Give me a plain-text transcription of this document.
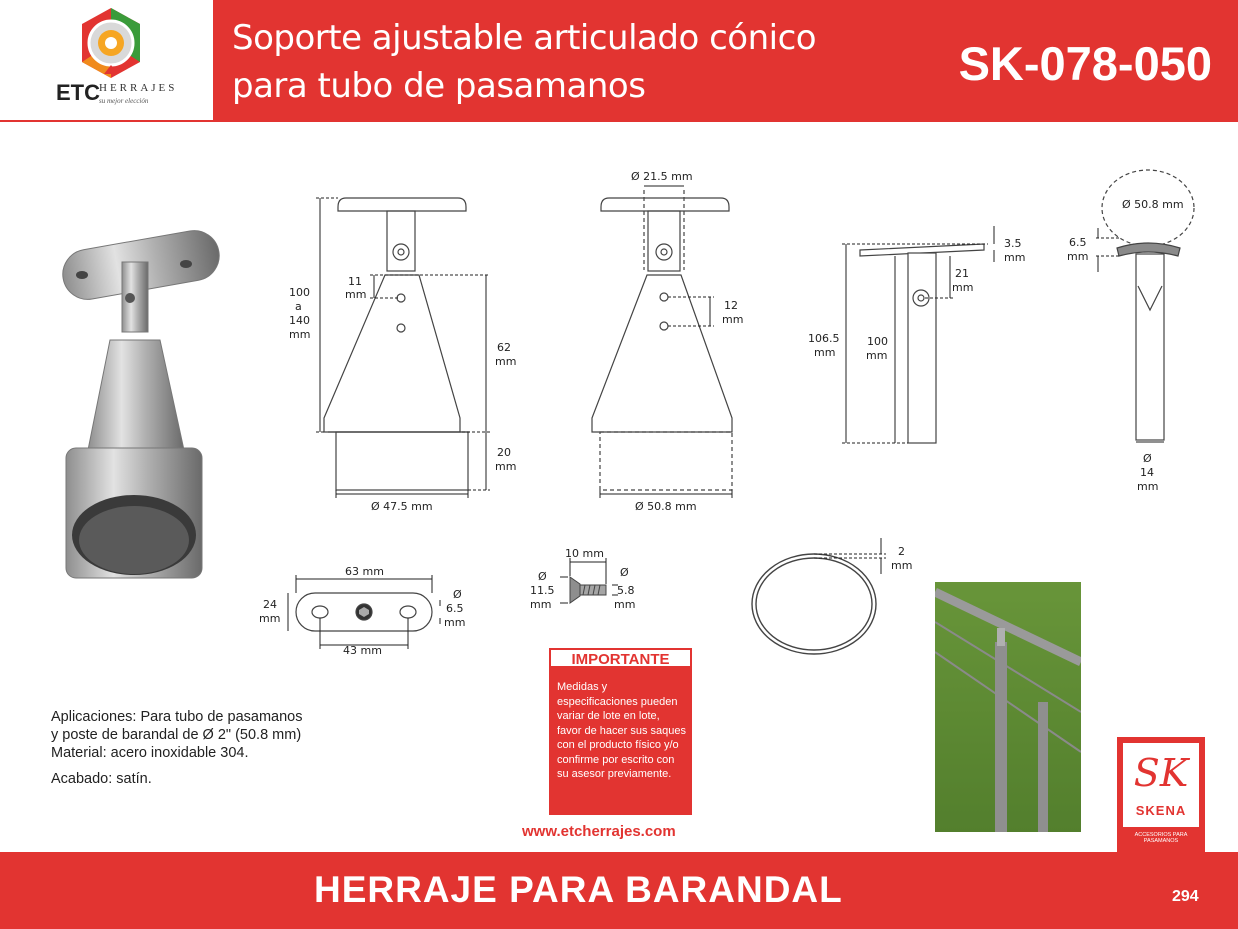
ETC HERRAJES
su mejor elección
Soporte ajustable articulado cónico
para tubo de pasamanos	SK-078-050
100
a
140
mm
11
mm
62
mm
20
mm
Ø 47.5 mm
Ø 21.5 mm
12
mm
Ø 50.8 mm
3.5
mm
21
mm
106.5
mm
100
mm
Ø 50.8 mm
6.5
mm
Ø
14
mm
63 mm
24
mm
Ø
6.5
mm
43 mm
10 mm
Ø
11.5
mm
Ø
5.8
mm
2
mm

Aplicaciones: Para tubo de pasamanos

y poste de barandal de Ø 2" (50.8 mm)

Material: acero inoxidable 304.

Acabado: satín.

IMPORTANTE
Medidas y especificaciones pueden variar de lote en lote, favor de hacer sus saques con el producto físico y/o confirme por escrito con su asesor previamente.
www.etcherrajes.com
SK
SKENA
ACCESORIOS PARA PASAMANOS
HERRAJE PARA BARANDAL	294
